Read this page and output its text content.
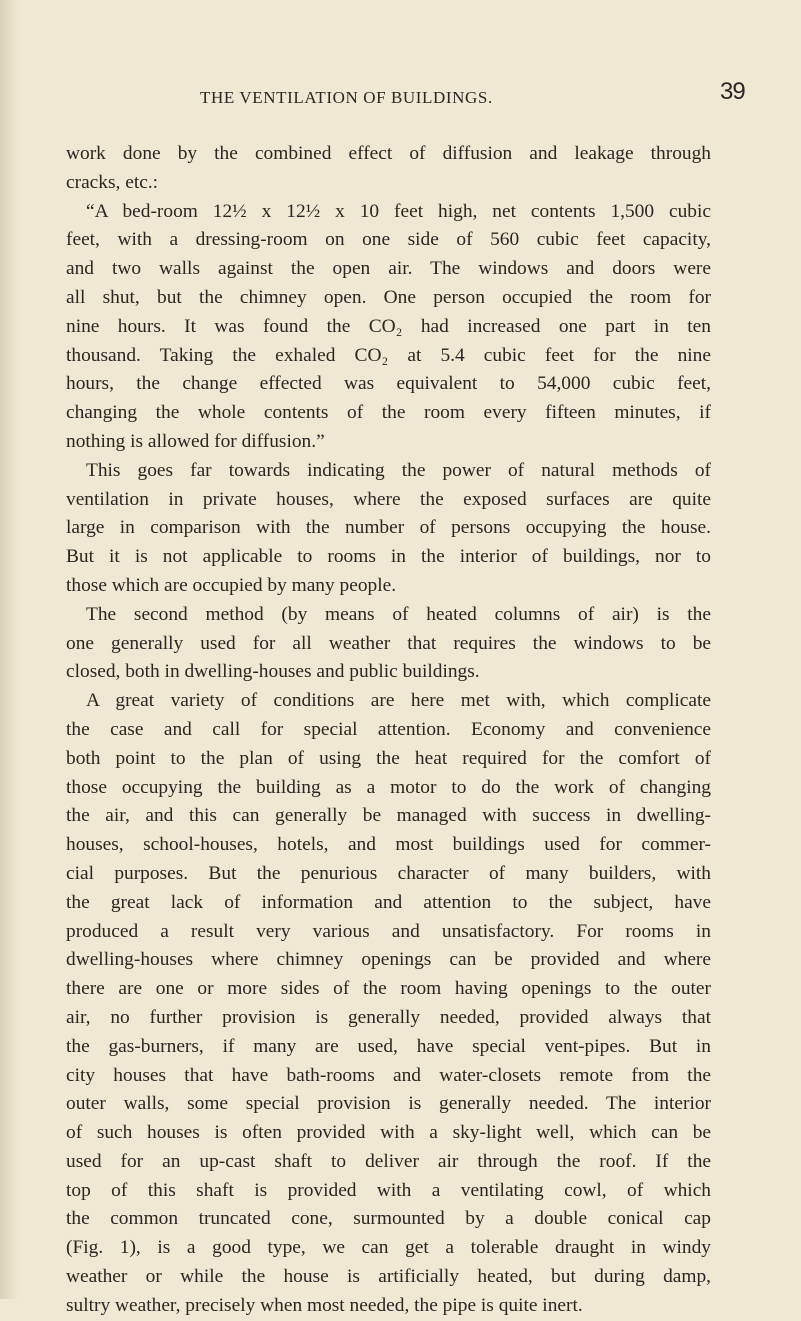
THE VENTILATION OF BUILDINGS.	39
work done by the combined effect of diffusion and leakage through
cracks, etc.:
“A bed-room 12½ x 12½ x 10 feet high, net contents 1,500 cubic
feet, with a dressing-room on one side of 560 cubic feet capacity,
and two walls against the open air. The windows and doors were
all shut, but the chimney open. One person occupied the room for
nine hours. It was found the CO₂ had increased one part in ten
thousand. Taking the exhaled CO₂ at 5.4 cubic feet for the nine
hours, the change effected was equivalent to 54,000 cubic feet,
changing the whole contents of the room every fifteen minutes, if
nothing is allowed for diffusion.”
This goes far towards indicating the power of natural methods of
ventilation in private houses, where the exposed surfaces are quite
large in comparison with the number of persons occupying the house.
But it is not applicable to rooms in the interior of buildings, nor to
those which are occupied by many people.
The second method (by means of heated columns of air) is the
one generally used for all weather that requires the windows to be
closed, both in dwelling-houses and public buildings.
A great variety of conditions are here met with, which complicate
the case and call for special attention. Economy and convenience
both point to the plan of using the heat required for the comfort of
those occupying the building as a motor to do the work of changing
the air, and this can generally be managed with success in dwelling-
houses, school-houses, hotels, and most buildings used for commer-
cial purposes. But the penurious character of many builders, with
the great lack of information and attention to the subject, have
produced a result very various and unsatisfactory. For rooms in
dwelling-houses where chimney openings can be provided and where
there are one or more sides of the room having openings to the outer
air, no further provision is generally needed, provided always that
the gas-burners, if many are used, have special vent-pipes. But in
city houses that have bath-rooms and water-closets remote from the
outer walls, some special provision is generally needed. The interior
of such houses is often provided with a sky-light well, which can be
used for an up-cast shaft to deliver air through the roof. If the
top of this shaft is provided with a ventilating cowl, of which
the common truncated cone, surmounted by a double conical cap
(Fig. 1), is a good type, we can get a tolerable draught in windy
weather or while the house is artificially heated, but during damp,
sultry weather, precisely when most needed, the pipe is quite inert.
